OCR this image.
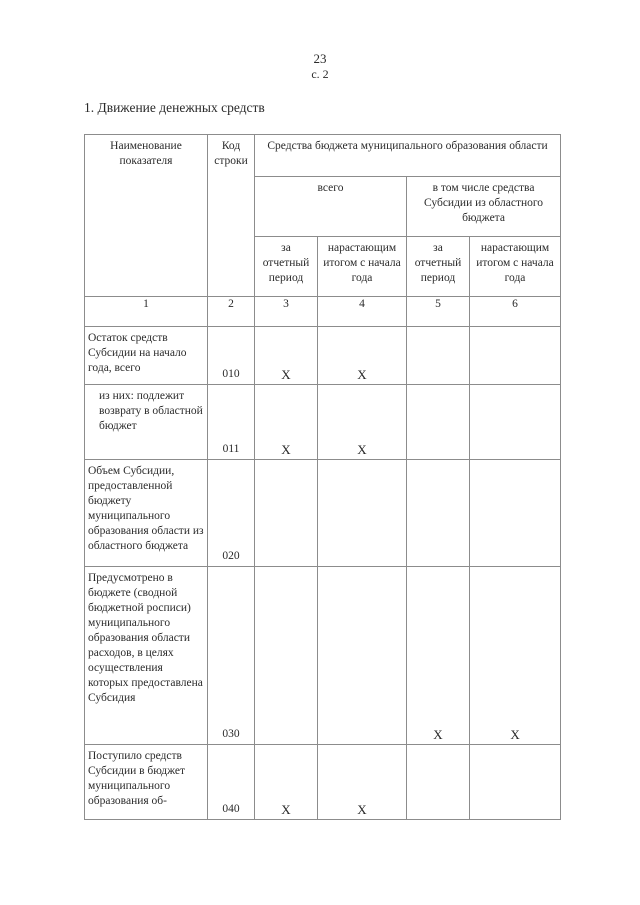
23
с. 2
1. Движение денежных средств
Наименование показателя	Код строки	Средства бюджета муниципального образования области			
		всего		в том числе средства Субсидии из областного бюджета	
		за отчетный период	нарастающим итогом с начала года	за отчетный период	нарастающим итогом с начала года
1	2	3	4	5	6
Остаток средств Субсидии на начало года, всего	010	Х	Х		
из них: подлежит возврату в областной бюджет	011	Х	Х		
Объем Субсидии, предоставленной бюджету муниципального образования области из областного бюджета	020				
Предусмотрено в бюджете (сводной бюджетной росписи) муниципального образования области расходов, в целях осуществления которых предоставлена Субсидия	030			Х	Х
Поступило средств Субсидии в бюджет муниципального образования об-	040	Х	Х		
